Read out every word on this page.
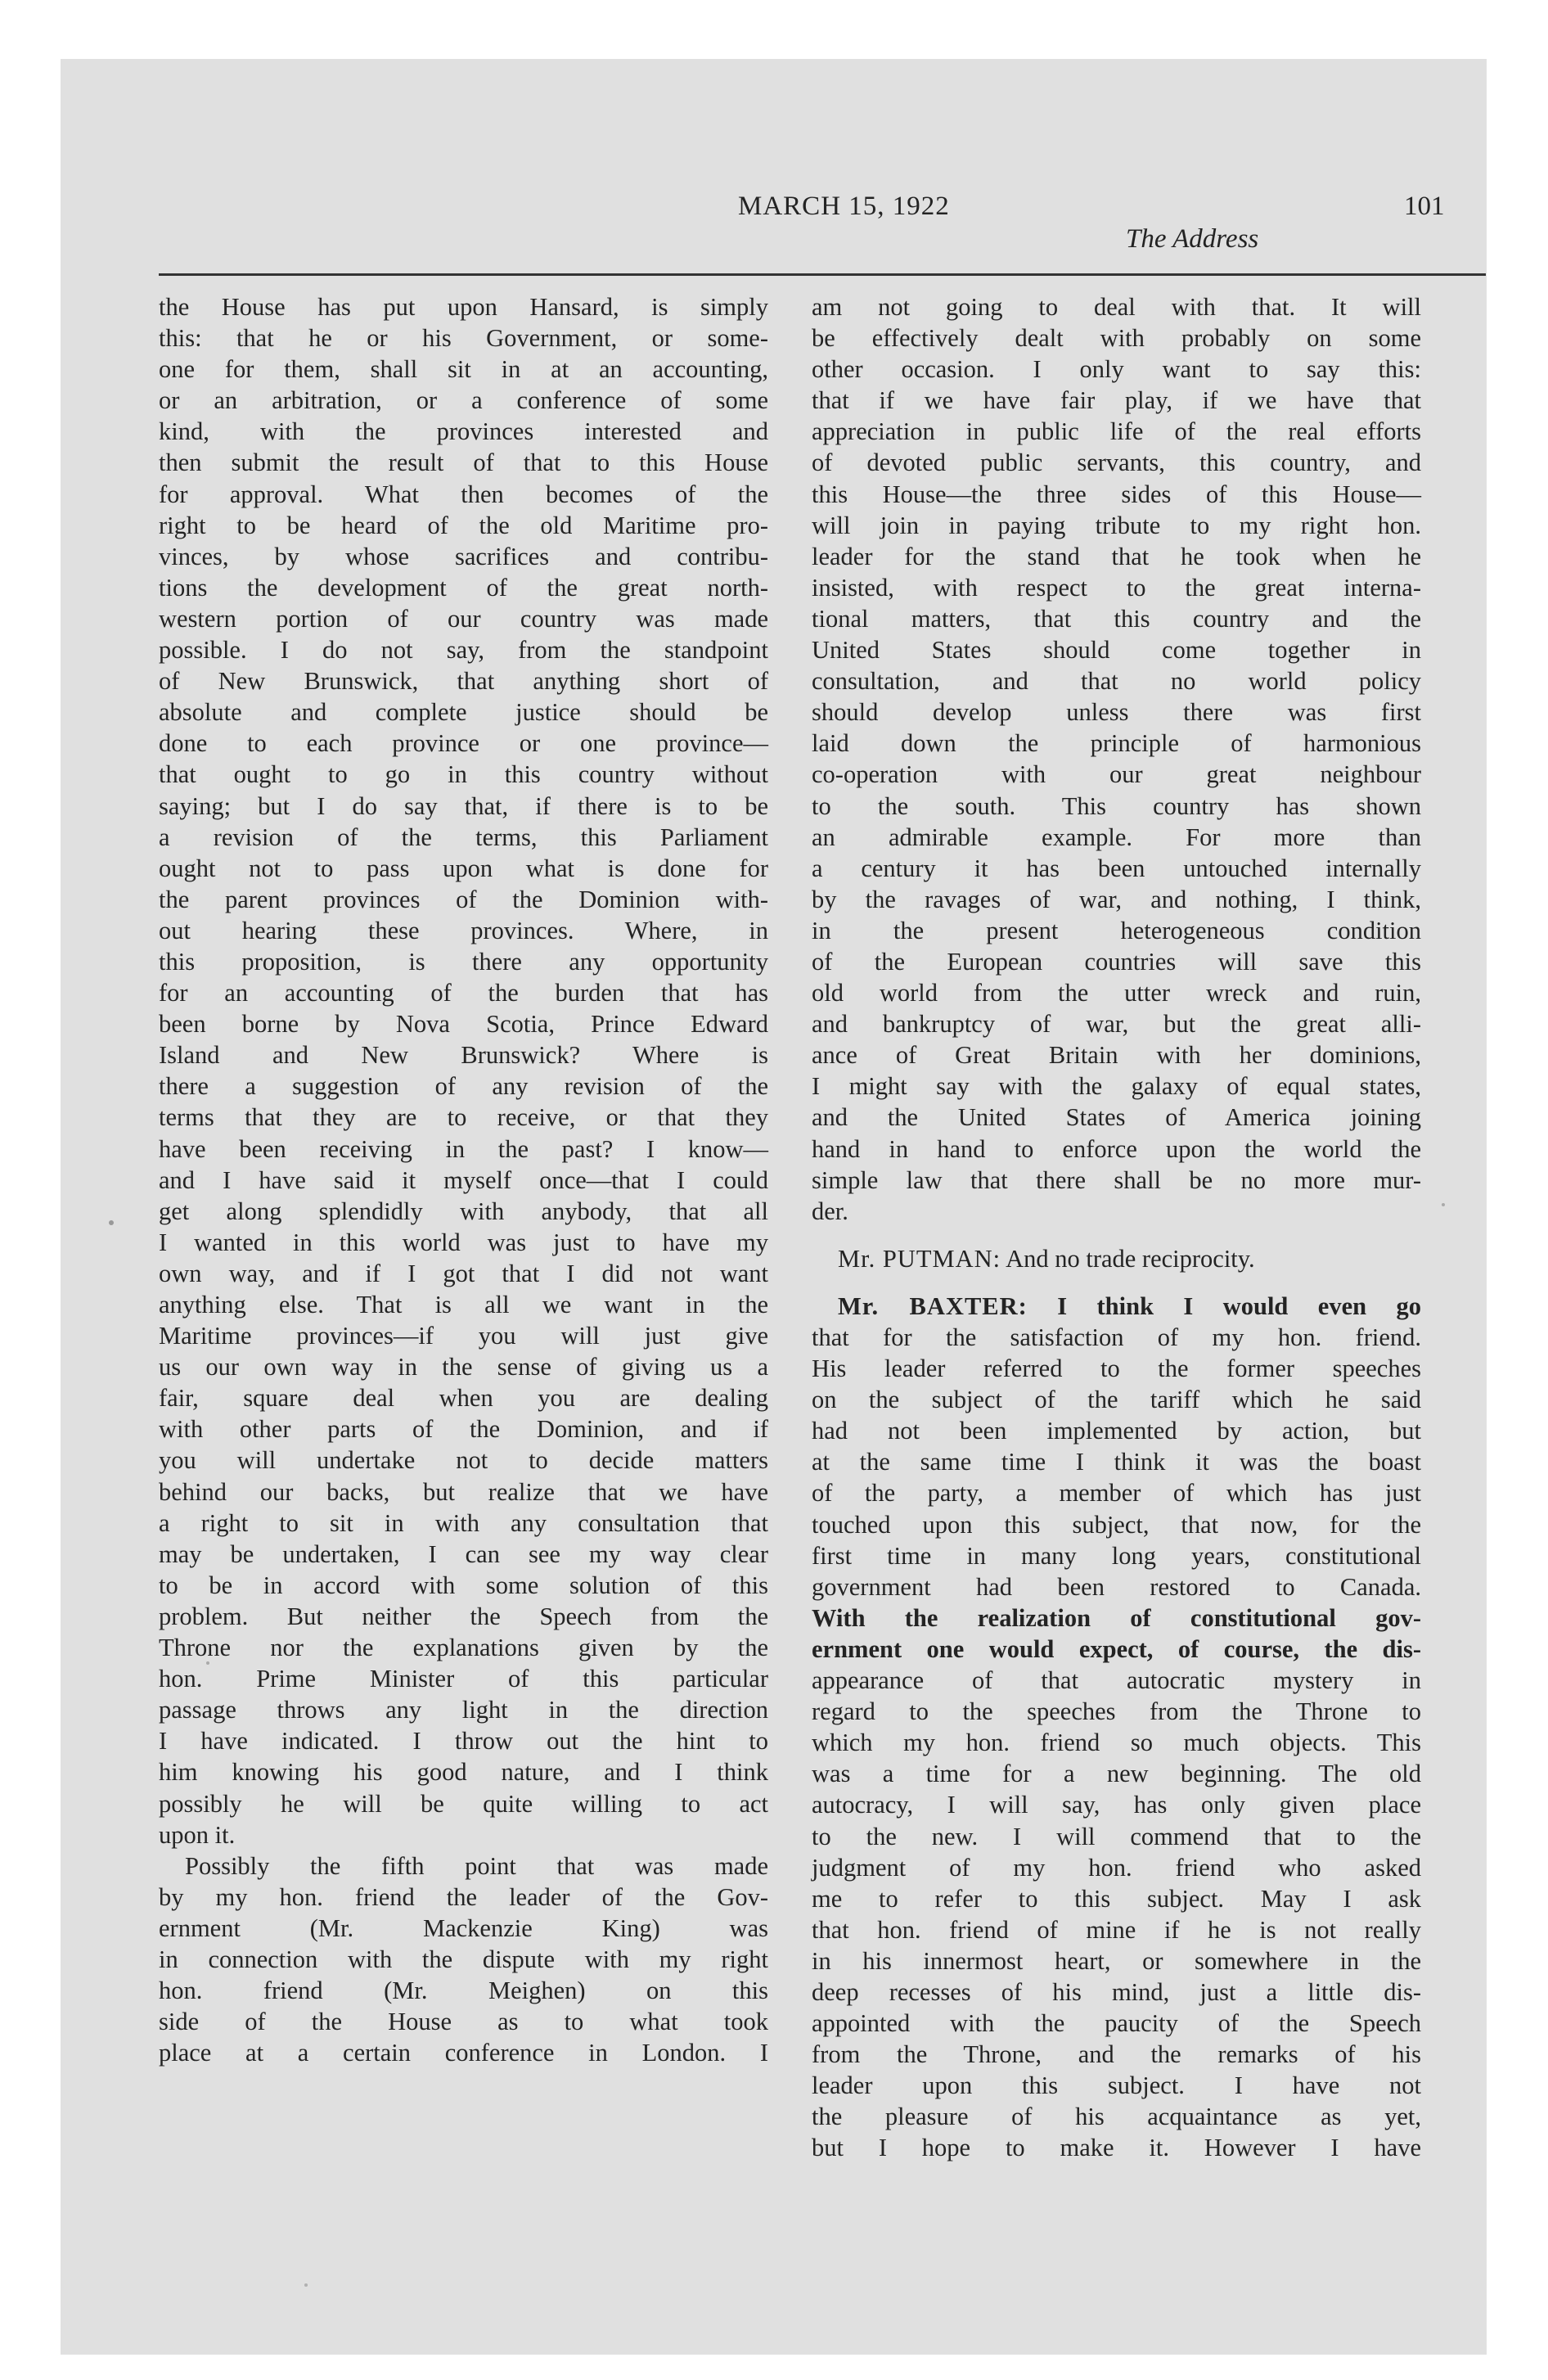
MARCH 15, 1922
The Address
101
the House has put upon Hansard, is simply
this: that he or his Government, or some-
one for them, shall sit in at an accounting,
or an arbitration, or a conference of some
kind, with the provinces interested and
then submit the result of that to this House
for approval. What then becomes of the
right to be heard of the old Maritime pro-
vinces, by whose sacrifices and contribu-
tions the development of the great north-
western portion of our country was made
possible. I do not say, from the standpoint
of New Brunswick, that anything short of
absolute and complete justice should be
done to each province or one province—
that ought to go in this country without
saying; but I do say that, if there is to be
a revision of the terms, this Parliament
ought not to pass upon what is done for
the parent provinces of the Dominion with-
out hearing these provinces. Where, in
this proposition, is there any opportunity
for an accounting of the burden that has
been borne by Nova Scotia, Prince Edward
Island and New Brunswick? Where is
there a suggestion of any revision of the
terms that they are to receive, or that they
have been receiving in the past? I know—
and I have said it myself once—that I could
get along splendidly with anybody, that all
I wanted in this world was just to have my
own way, and if I got that I did not want
anything else. That is all we want in the
Maritime provinces—if you will just give
us our own way in the sense of giving us a
fair, square deal when you are dealing
with other parts of the Dominion, and if
you will undertake not to decide matters
behind our backs, but realize that we have
a right to sit in with any consultation that
may be undertaken, I can see my way clear
to be in accord with some solution of this
problem. But neither the Speech from the
Throne nor the explanations given by the
hon. Prime Minister of this particular
passage throws any light in the direction
I have indicated. I throw out the hint to
him knowing his good nature, and I think
possibly he will be quite willing to act
upon it.
Possibly the fifth point that was made
by my hon. friend the leader of the Gov-
ernment (Mr. Mackenzie King) was
in connection with the dispute with my right
hon. friend (Mr. Meighen) on this
side of the House as to what took
place at a certain conference in London. I
am not going to deal with that. It will
be effectively dealt with probably on some
other occasion. I only want to say this:
that if we have fair play, if we have that
appreciation in public life of the real efforts
of devoted public servants, this country, and
this House—the three sides of this House—
will join in paying tribute to my right hon.
leader for the stand that he took when he
insisted, with respect to the great interna-
tional matters, that this country and the
United States should come together in
consultation, and that no world policy
should develop unless there was first
laid down the principle of harmonious
co-operation with our great neighbour
to the south. This country has shown
an admirable example. For more than
a century it has been untouched internally
by the ravages of war, and nothing, I think,
in the present heterogeneous condition
of the European countries will save this
old world from the utter wreck and ruin,
and bankruptcy of war, but the great alli-
ance of Great Britain with her dominions,
I might say with the galaxy of equal states,
and the United States of America joining
hand in hand to enforce upon the world the
simple law that there shall be no more mur-
der.
Mr. PUTMAN: And no trade reciprocity.
Mr. BAXTER: I think I would even go
that for the satisfaction of my hon. friend.
His leader referred to the former speeches
on the subject of the tariff which he said
had not been implemented by action, but
at the same time I think it was the boast
of the party, a member of which has just
touched upon this subject, that now, for the
first time in many long years, constitutional
government had been restored to Canada.
With the realization of constitutional gov-
ernment one would expect, of course, the dis-
appearance of that autocratic mystery in
regard to the speeches from the Throne to
which my hon. friend so much objects. This
was a time for a new beginning. The old
autocracy, I will say, has only given place
to the new. I will commend that to the
judgment of my hon. friend who asked
me to refer to this subject. May I ask
that hon. friend of mine if he is not really
in his innermost heart, or somewhere in the
deep recesses of his mind, just a little dis-
appointed with the paucity of the Speech
from the Throne, and the remarks of his
leader upon this subject. I have not
the pleasure of his acquaintance as yet,
but I hope to make it. However I have
